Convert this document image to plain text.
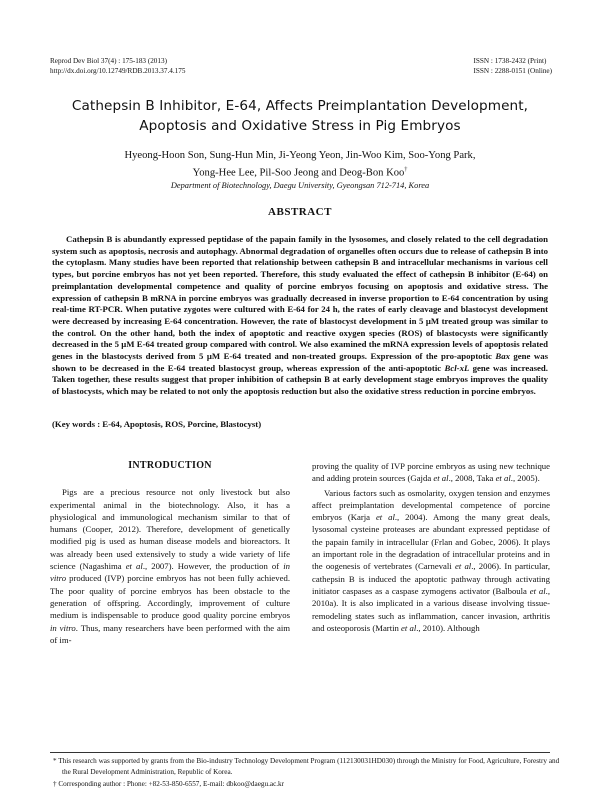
Reprod Dev Biol 37(4) : 175-183 (2013)
http://dx.doi.org/10.12749/RDB.2013.37.4.175
ISSN : 1738-2432 (Print)
ISSN : 2288-0151 (Online)
Cathepsin B Inhibitor, E-64, Affects Preimplantation Development,
Apoptosis and Oxidative Stress in Pig Embryos
Hyeong-Hoon Son, Sung-Hun Min, Ji-Yeong Yeon, Jin-Woo Kim, Soo-Yong Park,
Yong-Hee Lee, Pil-Soo Jeong and Deog-Bon Koo†
Department of Biotechnology, Daegu University, Gyeongsan 712-714, Korea
ABSTRACT
Cathepsin B is abundantly expressed peptidase of the papain family in the lysosomes, and closely related to the cell degradation system such as apoptosis, necrosis and autophagy. Abnormal degradation of organelles often occurs due to release of cathepsin B into the cytoplasm. Many studies have been reported that relationship between cathepsin B and intracellular mechanisms in various cell types, but porcine embryos has not yet been reported. Therefore, this study evaluated the effect of cathepsin B inhibitor (E-64) on preimplantation developmental competence and quality of porcine embryos focusing on apoptosis and oxidative stress. The expression of cathepsin B mRNA in porcine embryos was gradually decreased in inverse proportion to E-64 concentration by using real-time RT-PCR. When putative zygotes were cultured with E-64 for 24 h, the rates of early cleavage and blastocyst development were decreased by increasing E-64 concentration. However, the rate of blastocyst development in 5 μM treated group was similar to the control. On the other hand, both the index of apoptotic and reactive oxygen species (ROS) of blastocysts were significantly decreased in the 5 μM E-64 treated group compared with control. We also examined the mRNA expression levels of apoptosis related genes in the blastocysts derived from 5 μM E-64 treated and non-treated groups. Expression of the pro-apoptotic Bax gene was shown to be decreased in the E-64 treated blastocyst group, whereas expression of the anti-apoptotic Bcl-xL gene was increased. Taken together, these results suggest that proper inhibition of cathepsin B at early development stage embryos improves the quality of blastocysts, which may be related to not only the apoptosis reduction but also the oxidative stress reduction in porcine embryos.
(Key words : E-64, Apoptosis, ROS, Porcine, Blastocyst)
INTRODUCTION

Pigs are a precious resource not only livestock but also experimental animal in the biotechnology. Also, it has a physiological and immunological mechanism similar to that of humans (Cooper, 2012). Therefore, development of genetically modified pig is used as human disease models and bioreactors. It was already been used extensively to study a wide variety of life science (Nagashima et al., 2007). However, the production of in vitro produced (IVP) porcine embryos has not been fully achieved. The poor quality of porcine embryos has been obstacle to the generation of offspring. Accordingly, improvement of culture medium is indispensable to produce good quality porcine embryos in vitro. Thus, many researchers have been performed with the aim of im-

proving the quality of IVP porcine embryos as using new technique and adding protein sources (Gajda et al., 2008, Taka et al., 2005).

Various factors such as osmolarity, oxygen tension and enzymes affect preimplantation developmental competence of porcine embryos (Karja et al., 2004). Among the many great deals, lysosomal cysteine proteases are abundant expressed peptidase of the papain family in intracellular (Frlan and Gobec, 2006). It plays an important role in the degradation of intracellular proteins and in the oogenesis of vertebrates (Carnevali et al., 2006). In particular, cathepsin B is induced the apoptotic pathway through activating initiator caspases as a caspase zymogens activator (Balboula et al., 2010a). It is also implicated in a various disease involving tissue-remodeling states such as inflammation, cancer invasion, arthritis and osteoporosis (Martin et al., 2010). Although

* This research was supported by grants from the Bio-industry Technology Development Program (112130031HD030) through the Ministry for Food, Agriculture, Forestry and the Rural Development Administration, Republic of Korea.
† Corresponding author : Phone: +82-53-850-6557, E-mail: dbkoo@daegu.ac.kr
